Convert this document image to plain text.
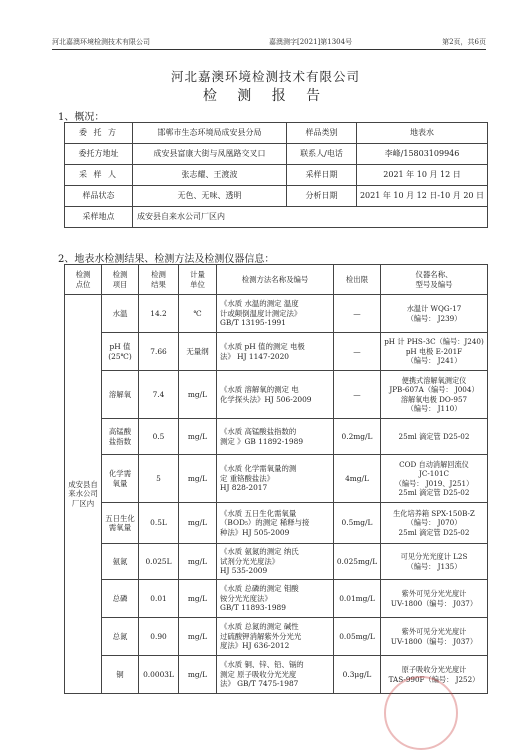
河北嘉澳环境检测技术有限公司	嘉澳测字[2021]第1304号	第2页，共6页
河北嘉澳环境检测技术有限公司
检 测 报 告
1、概况：
委 托 方	邯郸市生态环境局成安县分局	样品类别	地表水
委托方地址	成安县富康大街与凤凰路交叉口	联系人/电话	李峰/15803109946
采 样 人	张志耀、王渡波	采样日期	2021 年 10 月 12 日
样品状态	无色、无味、透明	分析日期	2021 年 10 月 12 日-10 月 20 日
采样地点	成安县自来水公司厂区内		
2、地表水检测结果、检测方法及检测仪器信息：
检测
点位	检测
项目	检测
结果	计量
单位	检测方法名称及编号	检出限	仪器名称、
型号及编号

成安县自
来水公司
厂区内	水温	14.2	℃	《水质 水温的测定 温度
计或颠倒温度计测定法》
GB/T 13195-1991	—	水温计 WQG-17
（编号： J239）

	pH 值
(25℃)	7.66	无量纲	《水质 pH 值的测定 电极
法》 HJ 1147-2020	—	pH 计 PHS-3C（编号：J240)
pH 电极 E-201F
（编号： J241）

	溶解氧	7.4	mg/L	《水质 溶解氧的测定 电
化学探头法》HJ 506-2009	—	便携式溶解氧测定仪
JPB-607A（编号： J004）
溶解氧电极 DO-957
（编号： J110）

	高锰酸
盐指数	0.5	mg/L	《水质 高锰酸盐指数的
测定 》GB 11892-1989	0.2mg/L	25ml 滴定管 D25-02

	化学需
氧量	5	mg/L	《水质 化学需氧量的测
定 重铬酸盐法》
HJ 828-2017	4mg/L	COD 自动消解回流仪
JC-101C
（编号： J019、J251）
25ml 滴定管 D25-02

	五日生化
需氧量	0.5L	mg/L	《水质 五日生化需氧量
（BOD₅）的测定 稀释与接
种法》HJ 505-2009	0.5mg/L	生化培养箱 SPX-150B-Z
（编号： J070）
25ml 滴定管 D25-02

	氨氮	0.025L	mg/L	《水质 氨氮的测定 纳氏
试剂分光光度法》
HJ 535-2009	0.025mg/L	可见分光光度计 L2S
（编号： J135）

	总磷	0.01	mg/L	《水质 总磷的测定 钼酸
铵分光光度法》
GB/T 11893-1989	0.01mg/L	紫外可见分光光度计
UV-1800（编号： J037）

	总氮	0.90	mg/L	《水质 总氮的测定 碱性
过硫酸钾消解紫外分光光
度法》HJ 636-2012	0.05mg/L	紫外可见分光光度计
UV-1800（编号： J037）

	铜	0.0003L	mg/L	《水质 铜、锌、铅、镉的
测定 原子吸收分光光度
法》 GB/T 7475-1987	0.3μg/L	原子吸收分光光度计
TAS-990F（编号： J252）
